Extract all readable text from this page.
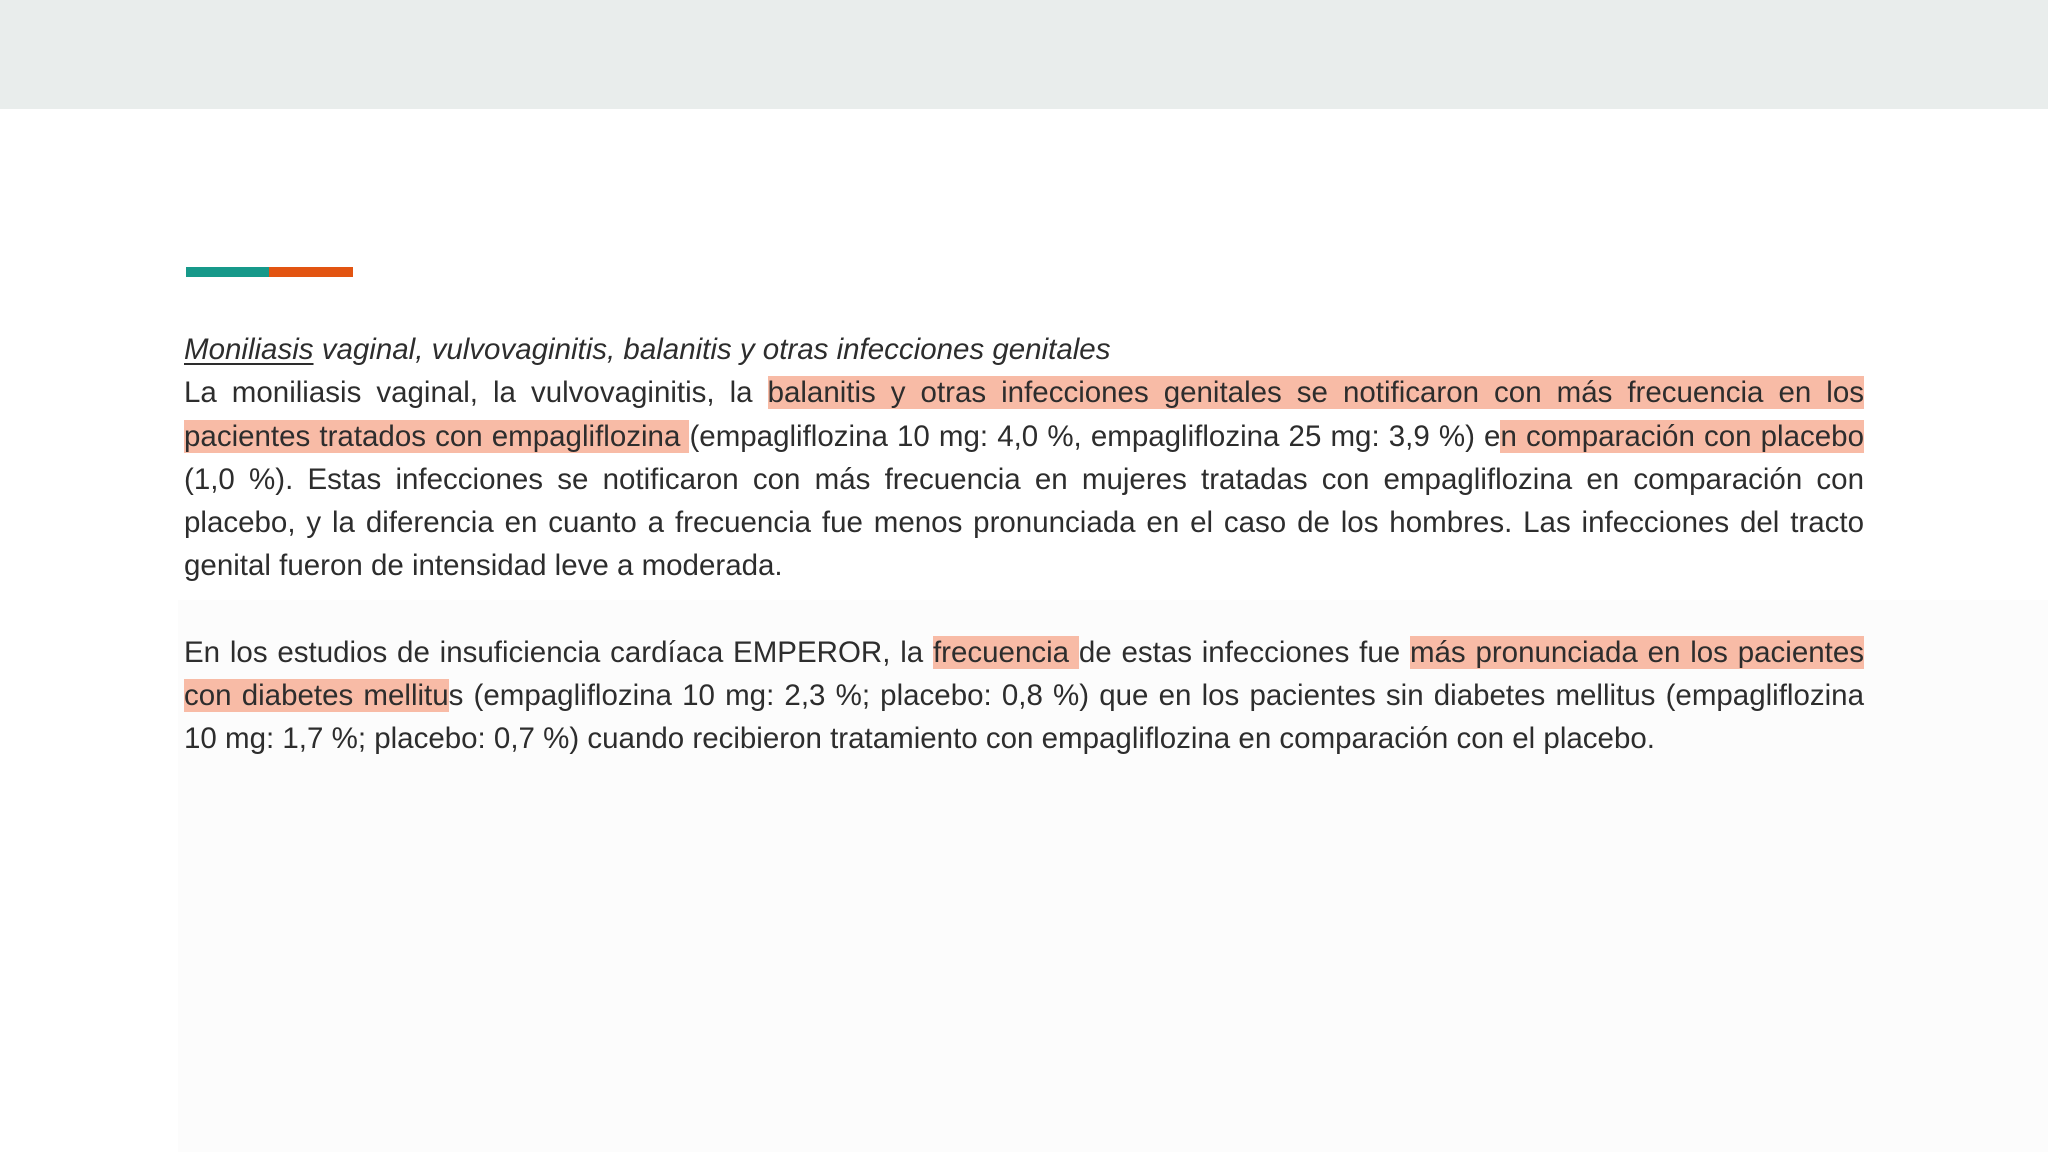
Moniliasis vaginal, vulvovaginitis, balanitis y otras infecciones genitales

La moniliasis vaginal, la vulvovaginitis, la balanitis y otras infecciones genitales se notificaron con más frecuencia en los pacientes tratados con empagliflozina (empagliflozina 10 mg: 4,0 %, empagliflozina 25 mg: 3,9 %) en comparación con placebo (1,0 %). Estas infecciones se notificaron con más frecuencia en mujeres tratadas con empagliflozina en comparación con placebo, y la diferencia en cuanto a frecuencia fue menos pronunciada en el caso de los hombres. Las infecciones del tracto genital fueron de intensidad leve a moderada.

En los estudios de insuficiencia cardíaca EMPEROR, la frecuencia de estas infecciones fue más pronunciada en los pacientes con diabetes mellitus (empagliflozina 10 mg: 2,3 %; placebo: 0,8 %) que en los pacientes sin diabetes mellitus (empagliflozina 10 mg: 1,7 %; placebo: 0,7 %) cuando recibieron tratamiento con empagliflozina en comparación con el placebo.
